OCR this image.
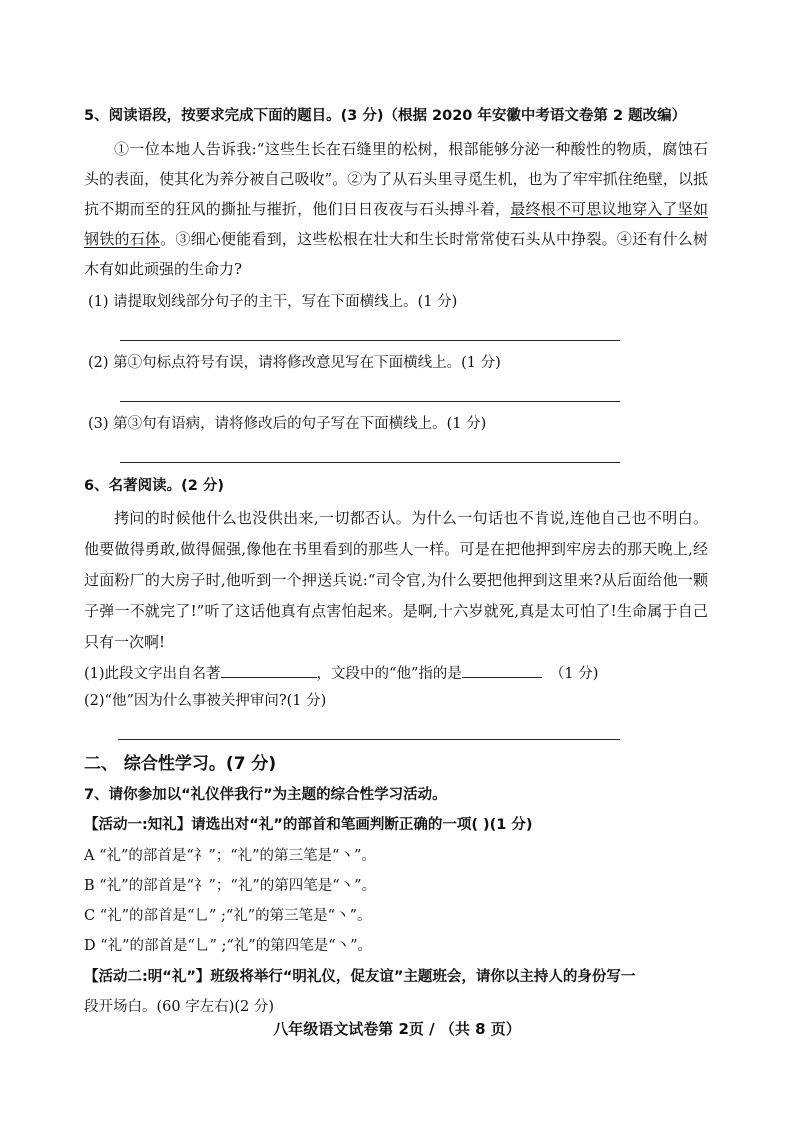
5、阅读语段，按要求完成下面的题目。(3 分)（根据 2020 年安徽中考语文卷第 2 题改编）

①一位本地人告诉我:“这些生长在石缝里的松树，根部能够分泌一种酸性的物质，腐蚀石头的表面，使其化为养分被自己吸收”。②为了从石头里寻觅生机，也为了牢牢抓住绝壁，以抵抗不期而至的狂风的撕扯与摧折，他们日日夜夜与石头搏斗着，最终根不可思议地穿入了坚如钢铁的石体。③细心便能看到，这些松根在壮大和生长时常常使石头从中挣裂。④还有什么树木有如此顽强的生命力?

(1) 请提取划线部分句子的主干，写在下面横线上。(1 分)
(2) 第①句标点符号有误，请将修改意见写在下面横线上。(1 分)
(3) 第③句有语病，请将修改后的句子写在下面横线上。(1 分)
6、名著阅读。(2 分)

拷问的时候他什么也没供出来,一切都否认。为什么一句话也不肯说,连他自己也不明白。他要做得勇敢,做得倔强,像他在书里看到的那些人一样。可是在把他押到牢房去的那天晚上,经过面粉厂的大房子时,他听到一个押送兵说:“司令官,为什么要把他押到这里来?从后面给他一颗子弹一不就完了!”听了这话他真有点害怕起来。是啊,十六岁就死,真是太可怕了!生命属于自己只有一次啊!

(1)此段文字出自名著	，文段中的“他”指的是	（1 分)
(2)“他”因为什么事被关押审问?(1 分)
二、 综合性学习。(7 分)
7、请你参加以“礼仪伴我行”为主题的综合性学习活动。
【活动一:知礼】请选出对“礼”的部首和笔画判断正确的一项( )(1 分)
A “礼”的部首是“礻”；“礼”的第三笔是“丶”。
B “礼”的部首是“礻”；“礼”的第四笔是“丶”。
C “礼”的部首是“乚” ;“礼”的第三笔是“丶”。
D “礼”的部首是“乚” ;“礼”的第四笔是“丶”。
【活动二:明“礼”】班级将举行“明礼仪，促友谊”主题班会，请你以主持人的身份写一
段开场白。(60 字左右)(2 分)
八年级语文试卷第 2页 / （共 8 页）
